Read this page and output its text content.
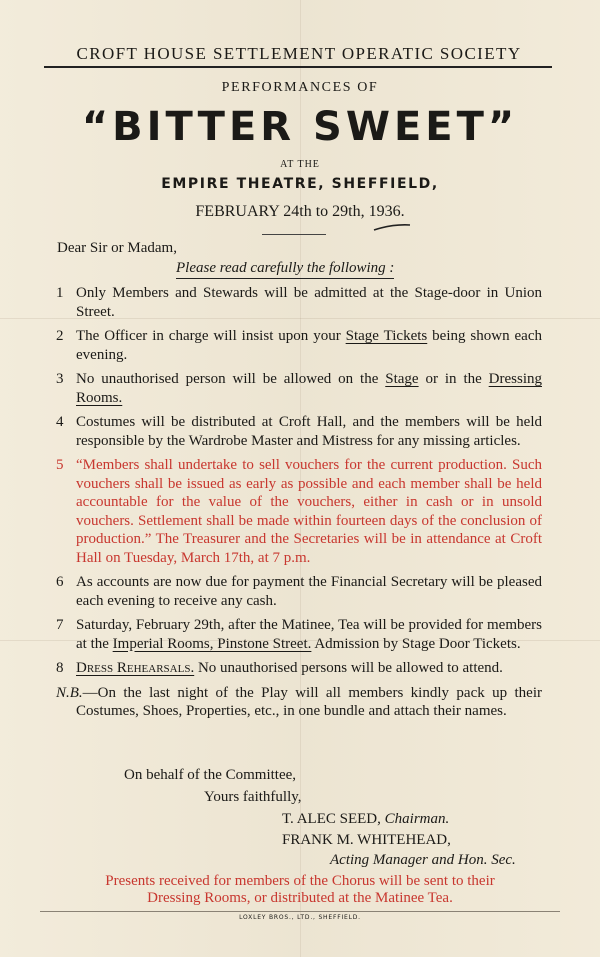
CROFT HOUSE SETTLEMENT OPERATIC SOCIETY
PERFORMANCES OF
“BITTER SWEET”
AT THE
EMPIRE THEATRE, SHEFFIELD,
FEBRUARY 24th to 29th, 1936.
Dear Sir or Madam,
Please read carefully the following :
1 Only Members and Stewards will be admitted at the Stage-door in Union Street.
2 The Officer in charge will insist upon your Stage Tickets being shown each evening.
3 No unauthorised person will be allowed on the Stage or in the Dressing Rooms.
4 Costumes will be distributed at Croft Hall, and the members will be held responsible by the Wardrobe Master and Mistress for any missing articles.
5 “Members shall undertake to sell vouchers for the current production. Such vouchers shall be issued as early as possible and each member shall be held accountable for the value of the vouchers, either in cash or in unsold vouchers. Settlement shall be made within fourteen days of the conclusion of production.” The Treasurer and the Secretaries will be in attendance at Croft Hall on Tuesday, March 17th, at 7 p.m.
6 As accounts are now due for payment the Financial Secretary will be pleased each evening to receive any cash.
7 Saturday, February 29th, after the Matinee, Tea will be provided for members at the Imperial Rooms, Pinstone Street. Admission by Stage Door Tickets.
8 Dress Rehearsals. No unauthorised persons will be allowed to attend.
N.B.—On the last night of the Play will all members kindly pack up their Costumes, Shoes, Properties, etc., in one bundle and attach their names.
On behalf of the Committee,
Yours faithfully,
T. ALEC SEED, Chairman.
FRANK M. WHITEHEAD,
Acting Manager and Hon. Sec.
Presents received for members of the Chorus will be sent to their
Dressing Rooms, or distributed at the Matinee Tea.
LOXLEY BROS., LTD., SHEFFIELD.
